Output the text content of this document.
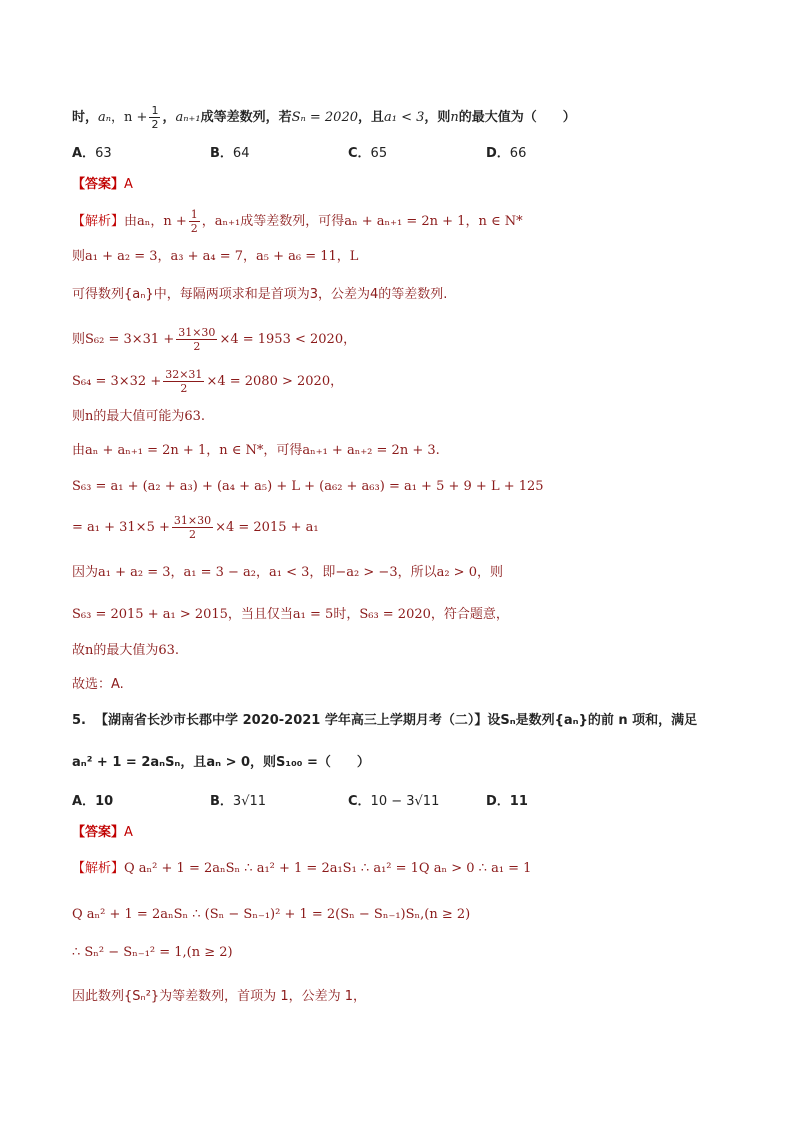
时，aₙ，$n + \frac{1}{2}$ ，aₙ₊₁成等差数列，若Sₙ = 2020，且a₁ < 3，则n的最大值为（　　）
A．63	B．64	C．65	D．66
【答案】A
【解析】由aₙ，$n + \frac{1}{2}$ ，aₙ₊₁成等差数列，可得aₙ + aₙ₊₁ = 2n + 1，n ∈ N*
则a₁ + a₂ = 3，a₃ + a₄ = 7，a₅ + a₆ = 11，L
可得数列{aₙ}中，每隔两项求和是首项为3，公差为4的等差数列.
则$S_{62} = 3\times 31 + \frac{31\times 30}{2} \times 4 = 1953 < 2020$，
$S_{64} = 3\times 32 + \frac{32\times 31}{2} \times 4 = 2080 > 2020$，
则n的最大值可能为63.
由aₙ + aₙ₊₁ = 2n + 1，n ∈ N*，可得aₙ₊₁ + aₙ₊₂ = 2n + 3.
S₆₃ = a₁ + (a₂ + a₃) + (a₄ + a₅) + L + (a₆₂ + a₆₃) = a₁ + 5 + 9 + L + 125
= $a_1 + 31\times 5 + \frac{31\times 30}{2} \times 4 = 2015 + a_1$
因为a₁ + a₂ = 3，a₁ = 3 − a₂，a₁ < 3，即−a₂ > −3，所以a₂ > 0，则
S₆₃ = 2015 + a₁ > 2015，当且仅当a₁ = 5时，S₆₃ = 2020，符合题意，
故n的最大值为63.
故选：A.
5. 【湖南省长沙市长郡中学 2020-2021 学年高三上学期月考（二）】设Sₙ是数列{aₙ}的前 n 项和，满足
aₙ² + 1 = 2aₙSₙ，且aₙ > 0，则S₁₀₀ =（　　）
A．10	B．3√11	C．10 − 3√11	D．11
【答案】A
【解析】Q aₙ² + 1 = 2aₙSₙ ∴ a₁² + 1 = 2a₁S₁ ∴ a₁² = 1Q aₙ > 0 ∴ a₁ = 1
Q aₙ² + 1 = 2aₙSₙ ∴ (Sₙ − Sₙ₋₁)² + 1 = 2(Sₙ − Sₙ₋₁)Sₙ,(n ≥ 2)
∴ Sₙ² − Sₙ₋₁² = 1,(n ≥ 2)
因此数列{Sₙ²}为等差数列，首项为 1，公差为 1，
